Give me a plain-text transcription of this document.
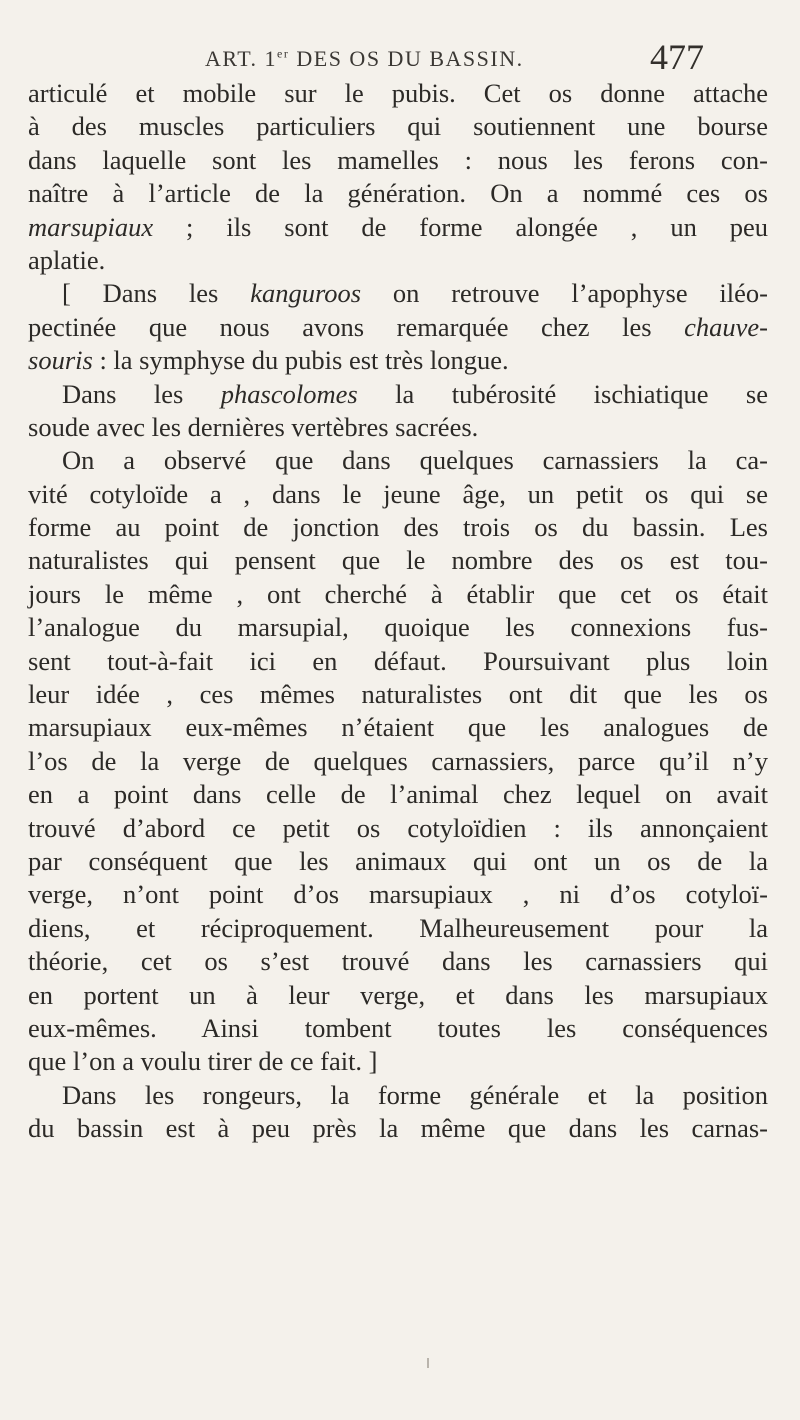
ART. 1er DES OS DU BASSIN.	477
articulé et mobile sur le pubis. Cet os donne attache
à des muscles particuliers qui soutiennent une bourse
dans laquelle sont les mamelles : nous les ferons con-
naître à l’article de la génération. On a nommé ces os
marsupiaux ; ils sont de forme alongée , un peu
aplatie.
[ Dans les kanguroos on retrouve l’apophyse iléo-
pectinée que nous avons remarquée chez les chauve-
souris : la symphyse du pubis est très longue.
Dans les phascolomes la tubérosité ischiatique se
soude avec les dernières vertèbres sacrées.
On a observé que dans quelques carnassiers la ca-
vité cotyloïde a , dans le jeune âge, un petit os qui se
forme au point de jonction des trois os du bassin. Les
naturalistes qui pensent que le nombre des os est tou-
jours le même , ont cherché à établir que cet os était
l’analogue du marsupial, quoique les connexions fus-
sent tout-à-fait ici en défaut. Poursuivant plus loin
leur idée , ces mêmes naturalistes ont dit que les os
marsupiaux eux-mêmes n’étaient que les analogues de
l’os de la verge de quelques carnassiers, parce qu’il n’y
en a point dans celle de l’animal chez lequel on avait
trouvé d’abord ce petit os cotyloïdien : ils annonçaient
par conséquent que les animaux qui ont un os de la
verge, n’ont point d’os marsupiaux , ni d’os cotyloï-
diens, et réciproquement. Malheureusement pour la
théorie, cet os s’est trouvé dans les carnassiers qui
en portent un à leur verge, et dans les marsupiaux
eux-mêmes. Ainsi tombent toutes les conséquences
que l’on a voulu tirer de ce fait. ]
Dans les rongeurs, la forme générale et la position
du bassin est à peu près la même que dans les carnas-
